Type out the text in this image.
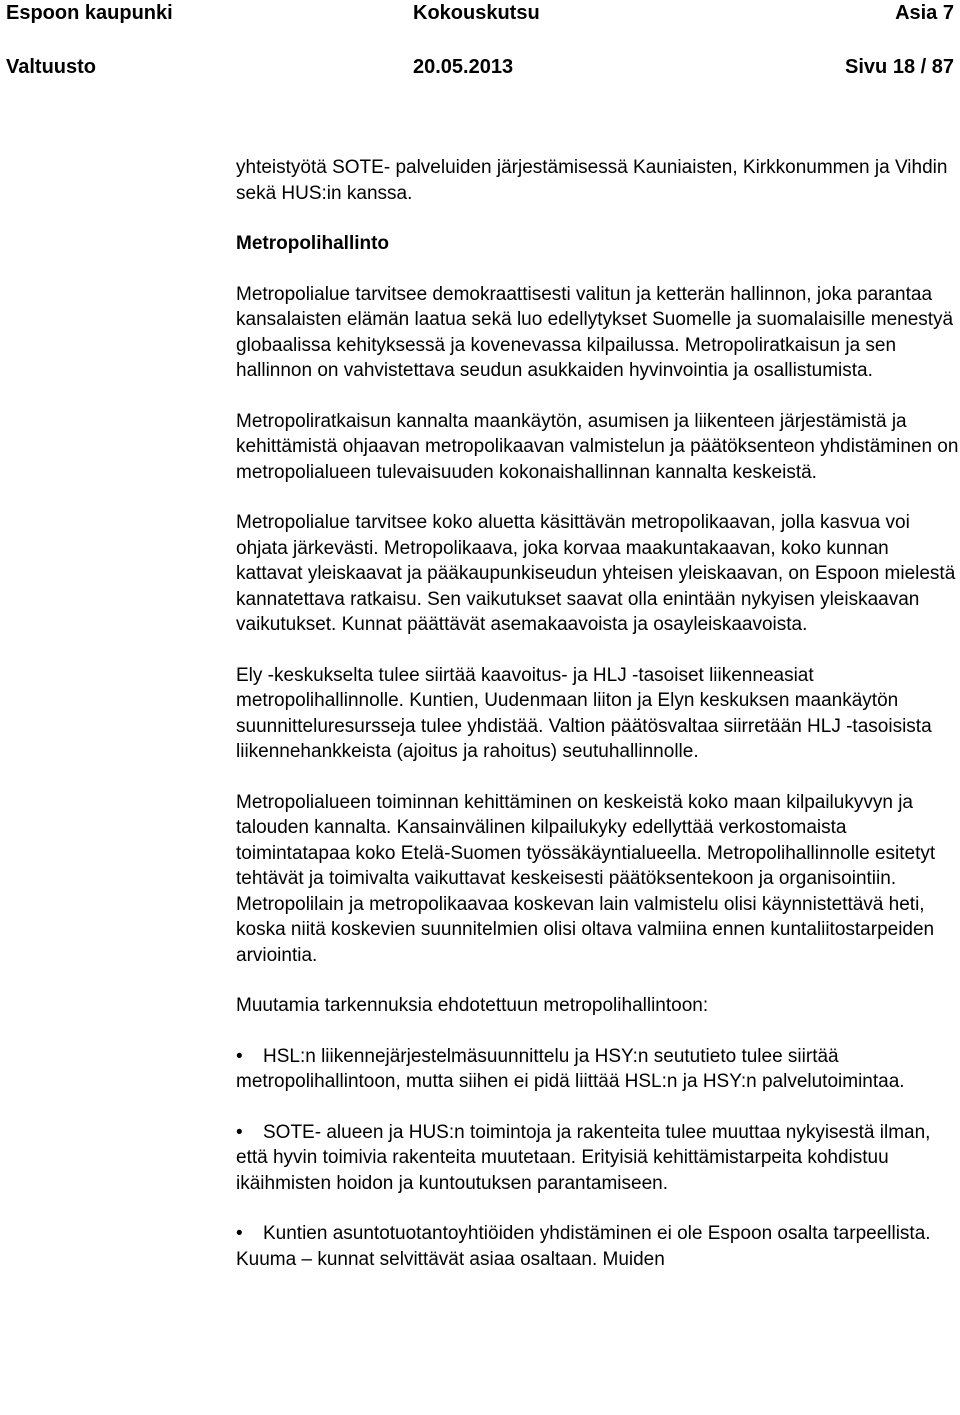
Espoon kaupunki	Kokouskutsu	Asia 7
Valtuusto	20.05.2013	Sivu 18 / 87

yhteistyötä SOTE- palveluiden järjestämisessä Kauniaisten, Kirkkonummen ja Vihdin sekä HUS:in kanssa.

Metropolihallinto

Metropolialue tarvitsee demokraattisesti valitun ja ketterän hallinnon, joka parantaa kansalaisten elämän laatua sekä luo edellytykset Suomelle ja suomalaisille menestyä globaalissa kehityksessä ja kovenevassa kilpailussa. Metropoliratkaisun ja sen hallinnon on vahvistettava seudun asukkaiden hyvinvointia ja osallistumista.

Metropoliratkaisun kannalta maankäytön, asumisen ja liikenteen järjestämistä ja kehittämistä ohjaavan metropolikaavan valmistelun ja päätöksenteon yhdistäminen on metropolialueen tulevaisuuden kokonaishallinnan kannalta keskeistä.

Metropolialue tarvitsee koko aluetta käsittävän metropolikaavan, jolla kasvua voi ohjata järkevästi. Metropolikaava, joka korvaa maakuntakaavan, koko kunnan kattavat yleiskaavat ja pääkaupunkiseudun yhteisen yleiskaavan, on Espoon mielestä kannatettava ratkaisu. Sen vaikutukset saavat olla enintään nykyisen yleiskaavan vaikutukset. Kunnat päättävät asemakaavoista ja osayleiskaavoista.

Ely -keskukselta tulee siirtää kaavoitus- ja HLJ -tasoiset liikenneasiat metropolihallinnolle. Kuntien, Uudenmaan liiton ja Elyn keskuksen maankäytön suunnitteluresursseja tulee yhdistää. Valtion päätösvaltaa siirretään HLJ -tasoisista liikennehankkeista (ajoitus ja rahoitus) seutuhallinnolle.

Metropolialueen toiminnan kehittäminen on keskeistä koko maan kilpailukyvyn ja talouden kannalta. Kansainvälinen kilpailukyky edellyttää verkostomaista toimintatapaa koko Etelä-Suomen työssäkäyntialueella. Metropolihallinnolle esitetyt tehtävät ja toimivalta vaikuttavat keskeisesti päätöksentekoon ja organisointiin. Metropolilain ja metropolikaavaa koskevan lain valmistelu olisi käynnistettävä heti, koska niitä koskevien suunnitelmien olisi oltava valmiina ennen kuntaliitostarpeiden arviointia.

Muutamia tarkennuksia ehdotettuun metropolihallintoon:

• HSL:n liikennejärjestelmäsuunnittelu ja HSY:n seututieto tulee siirtää metropolihallintoon, mutta siihen ei pidä liittää HSL:n ja HSY:n palvelutoimintaa.
• SOTE- alueen ja HUS:n toimintoja ja rakenteita tulee muuttaa nykyisestä ilman, että hyvin toimivia rakenteita muutetaan. Erityisiä kehittämistarpeita kohdistuu ikäihmisten hoidon ja kuntoutuksen parantamiseen.
• Kuntien asuntotuotantoyhtiöiden yhdistäminen ei ole Espoon osalta tarpeellista. Kuuma – kunnat selvittävät asiaa osaltaan. Muiden
